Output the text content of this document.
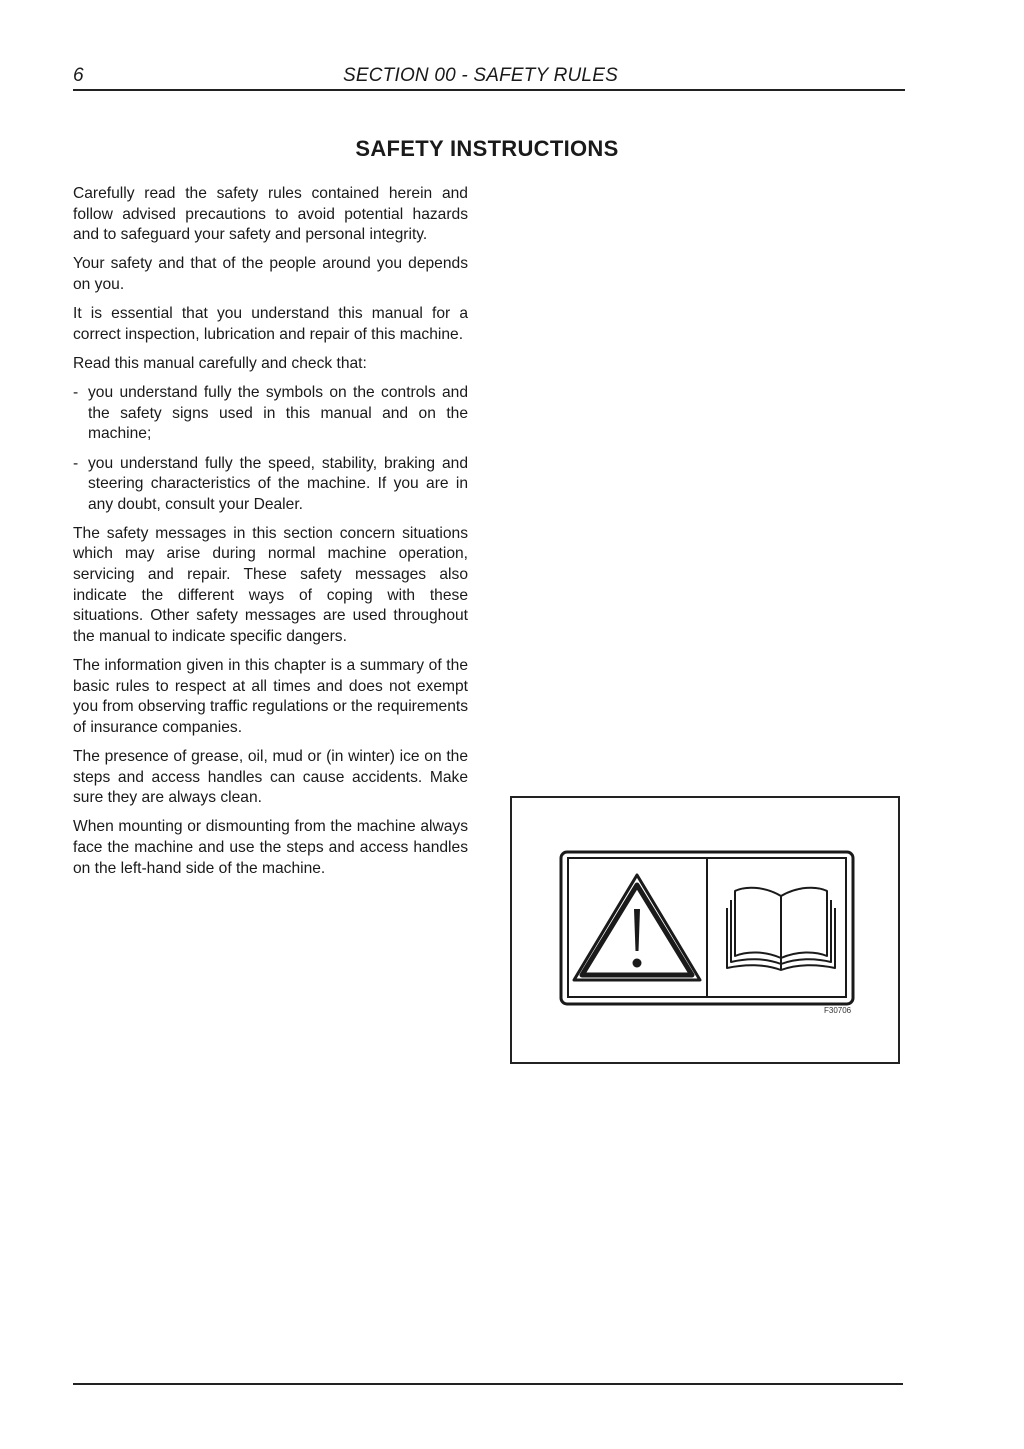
6	SECTION 00 - SAFETY RULES
SAFETY INSTRUCTIONS

Carefully read the safety rules contained herein and follow advised precautions to avoid potential hazards and to safeguard your safety and personal integrity.

Your safety and that of the people around you depends on you.

It is essential that you understand this manual for a correct inspection, lubrication and repair of this machine.

Read this manual carefully and check that:

- you understand fully the symbols on the controls and the safety signs used in this manual and on the machine;

- you understand fully the speed, stability, braking and steering characteristics of the machine. If you are in any doubt, consult your Dealer.

The safety messages in this section concern situations which may arise during normal machine operation, servicing and repair. These safety messages also indicate the different ways of coping with these situations. Other safety messages are used throughout the manual to indicate specific dangers.

The information given in this chapter is a summary of the basic rules to respect at all times and does not exempt you from observing traffic regulations or the requirements of insurance companies.

The presence of grease, oil, mud or (in winter) ice on the steps and access handles can cause accidents. Make sure they are always clean.

When mounting or dismounting from the machine always face the machine and use the steps and access handles on the left-hand side of the machine.

F30706
